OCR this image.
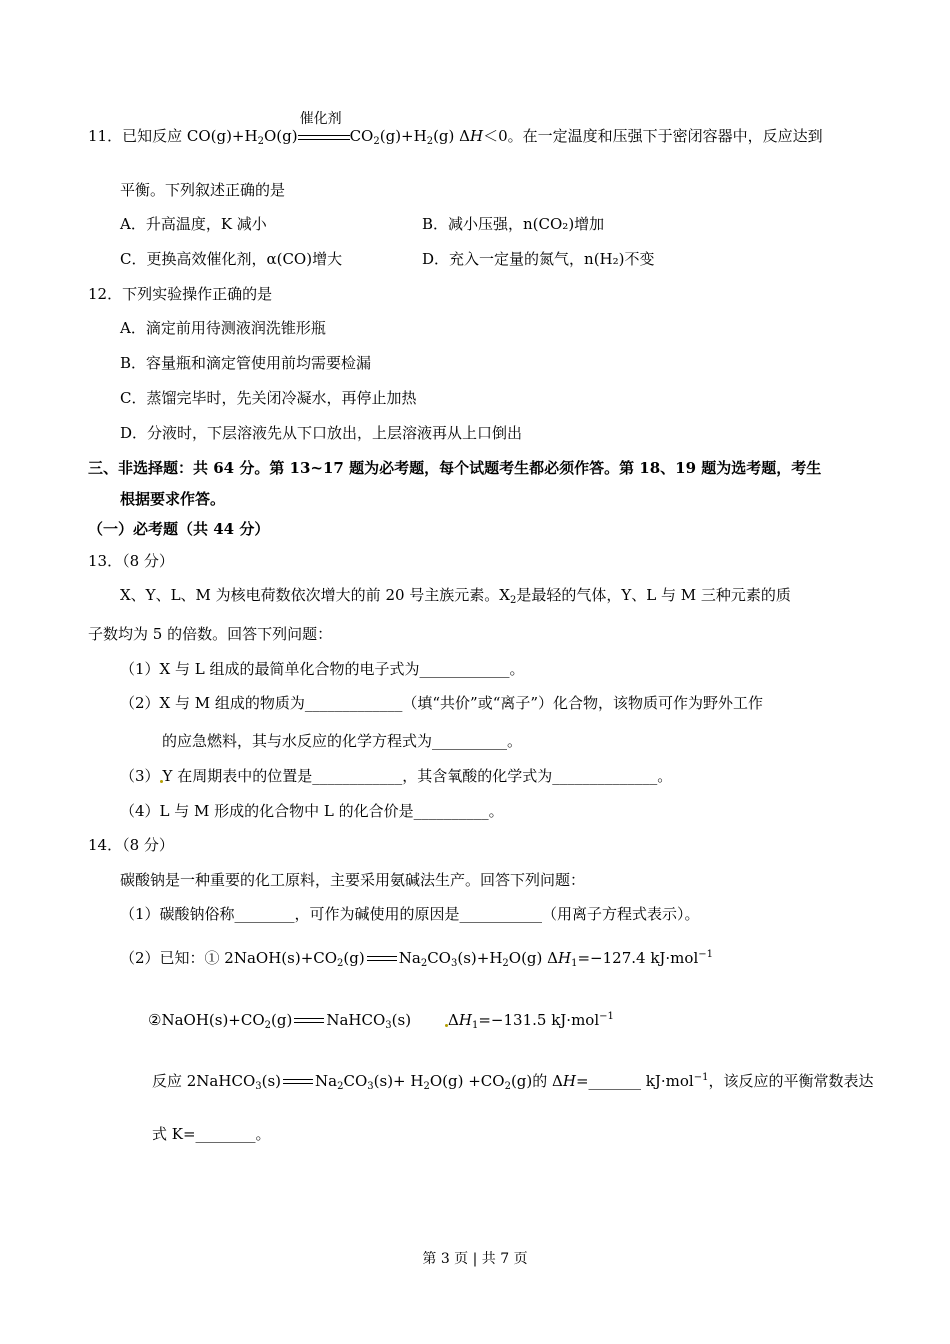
11．已知反应 $CO(g)+H_2O(g)$
催化剂
$CO_2(g)+H_2(g)$ ΔH＜0。在一定温度和压强下于密闭容器中，反应达到
平衡。下列叙述正确的是
A．升高温度，K 减小	B．减小压强，n(CO₂)增加
C．更换高效催化剂，α(CO)增大	D．充入一定量的氮气，n(H₂)不变
12．下列实验操作正确的是
A．滴定前用待测液润洗锥形瓶
B．容量瓶和滴定管使用前均需要检漏
C．蒸馏完毕时，先关闭冷凝水，再停止加热
D．分液时，下层溶液先从下口放出，上层溶液再从上口倒出
三、非选择题：共 64 分。第 13~17 题为必考题，每个试题考生都必须作答。第 18、19 题为选考题，考生
根据要求作答。
（一）必考题（共 44 分）
13．（8 分）
X、Y、L、M 为核电荷数依次增大的前 20 号主族元素。$X_2$是最轻的气体，Y、L 与 M 三种元素的质
子数均为 5 的倍数。回答下列问题：
（1）X 与 L 组成的最简单化合物的电子式为____________。
（2）X 与 M 组成的物质为_____________（填“共价”或“离子”）化合物，该物质可作为野外工作
的应急燃料，其与水反应的化学方程式为__________。
（3） Y 在周期表中的位置是____________，其含氧酸的化学式为______________。
（4）L 与 M 形成的化合物中 L 的化合价是__________。
14．（8 分）
碳酸钠是一种重要的化工原料，主要采用氨碱法生产。回答下列问题：
（1）碳酸钠俗称________，可作为碱使用的原因是___________（用离子方程式表示）。
（2）已知：① $2NaOH(s)+CO_2(g)$ $Na_2CO_3(s)+H_2O(g)$ $\Delta H_1=-127.4$ kJ·mol$^{-1}$
$②NaOH(s)+CO_2(g)$ NaHCO$_3$(s) $\Delta H_1=-131.5$ kJ·mol$^{-1}$
反应 2NaHCO$_3$(s) $Na_2CO_3(s)+ H_2O(g) +CO_2(g)$的 ΔH=_______ kJ·mol$^{-1}$，该反应的平衡常数表达
式 K=________。
第 3 页 | 共 7 页
